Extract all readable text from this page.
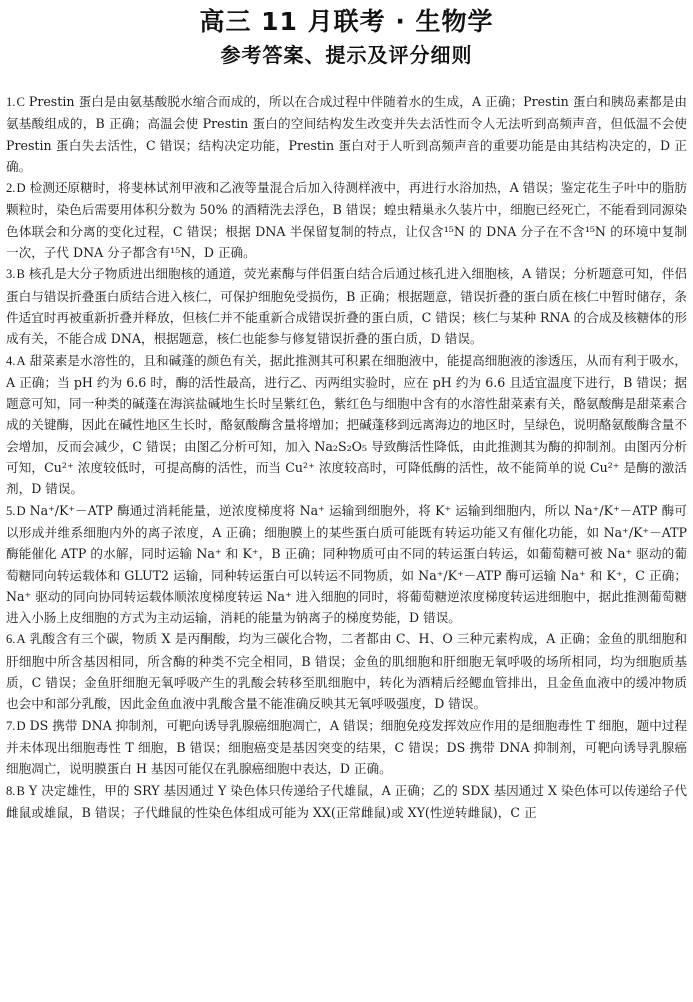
高三 11 月联考 · 生物学
参考答案、提示及评分细则
1.C Prestin 蛋白是由氨基酸脱水缩合而成的，所以在合成过程中伴随着水的生成，A 正确；Prestin 蛋白和胰岛素都是由氨基酸组成的，B 正确；高温会使 Prestin 蛋白的空间结构发生改变并失去活性而令人无法听到高频声音，但低温不会使 Prestin 蛋白失去活性，C 错误；结构决定功能，Prestin 蛋白对于人听到高频声音的重要功能是由其结构决定的，D 正确。
2.D 检测还原糖时，将斐林试剂甲液和乙液等量混合后加入待测样液中，再进行水浴加热，A 错误；鉴定花生子叶中的脂肪颗粒时，染色后需要用体积分数为 50% 的酒精洗去浮色，B 错误；蝗虫精巢永久装片中，细胞已经死亡，不能看到同源染色体联会和分离的变化过程，C 错误；根据 DNA 半保留复制的特点，让仅含¹⁵N 的 DNA 分子在不含¹⁵N 的环境中复制一次，子代 DNA 分子都含有¹⁵N，D 正确。
3.B 核孔是大分子物质进出细胞核的通道，荧光素酶与伴侣蛋白结合后通过核孔进入细胞核，A 错误；分析题意可知，伴侣蛋白与错误折叠蛋白质结合进入核仁，可保护细胞免受损伤，B 正确；根据题意，错误折叠的蛋白质在核仁中暂时储存，条件适宜时再被重新折叠并释放，但核仁并不能重新合成错误折叠的蛋白质，C 错误；核仁与某种 RNA 的合成及核糖体的形成有关，不能合成 DNA，根据题意，核仁也能参与修复错误折叠的蛋白质，D 错误。
4.A 甜菜素是水溶性的，且和碱蓬的颜色有关，据此推测其可积累在细胞液中，能提高细胞液的渗透压，从而有利于吸水，A 正确；当 pH 约为 6.6 时，酶的活性最高，进行乙、丙两组实验时，应在 pH 约为 6.6 且适宜温度下进行，B 错误；据题意可知，同一种类的碱蓬在海滨盐碱地生长时呈紫红色，紫红色与细胞中含有的水溶性甜菜素有关，酪氨酸酶是甜菜素合成的关键酶，因此在碱性地区生长时，酪氨酸酶含量将增加；把碱蓬移到远离海边的地区时，呈绿色，说明酪氨酸酶含量不会增加，反而会减少，C 错误；由图乙分析可知，加入 Na₂S₂O₅ 导致酶活性降低，由此推测其为酶的抑制剂。由图丙分析可知，Cu²⁺ 浓度较低时，可提高酶的活性，而当 Cu²⁺ 浓度较高时，可降低酶的活性，故不能简单的说 Cu²⁺ 是酶的激活剂，D 错误。
5.D Na⁺/K⁺－ATP 酶通过消耗能量，逆浓度梯度将 Na⁺ 运输到细胞外，将 K⁺ 运输到细胞内，所以 Na⁺/K⁺－ATP 酶可以形成并维系细胞内外的离子浓度，A 正确；细胞膜上的某些蛋白质可能既有转运功能又有催化功能，如 Na⁺/K⁺－ATP 酶能催化 ATP 的水解，同时运输 Na⁺ 和 K⁺，B 正确；同种物质可由不同的转运蛋白转运，如葡萄糖可被 Na⁺ 驱动的葡萄糖同向转运载体和 GLUT2 运输，同种转运蛋白可以转运不同物质，如 Na⁺/K⁺－ATP 酶可运输 Na⁺ 和 K⁺，C 正确；Na⁺ 驱动的同向协同转运载体顺浓度梯度转运 Na⁺ 进入细胞的同时，将葡萄糖逆浓度梯度转运进细胞中，据此推测葡萄糖进入小肠上皮细胞的方式为主动运输，消耗的能量为钠离子的梯度势能，D 错误。
6.A 乳酸含有三个碳，物质 X 是丙酮酸，均为三碳化合物，二者都由 C、H、O 三种元素构成，A 正确；金鱼的肌细胞和肝细胞中所含基因相同，所含酶的种类不完全相同，B 错误；金鱼的肌细胞和肝细胞无氧呼吸的场所相同，均为细胞质基质，C 错误；金鱼肝细胞无氧呼吸产生的乳酸会转移至肌细胞中，转化为酒精后经鳃血管排出，且金鱼血液中的缓冲物质也会中和部分乳酸，因此金鱼血液中乳酸含量不能准确反映其无氧呼吸强度，D 错误。
7.D DS 携带 DNA 抑制剂，可靶向诱导乳腺癌细胞凋亡，A 错误；细胞免疫发挥效应作用的是细胞毒性 T 细胞，题中过程并未体现出细胞毒性 T 细胞，B 错误；细胞癌变是基因突变的结果，C 错误；DS 携带 DNA 抑制剂，可靶向诱导乳腺癌细胞凋亡，说明膜蛋白 H 基因可能仅在乳腺癌细胞中表达，D 正确。
8.B Y 决定雄性，甲的 SRY 基因通过 Y 染色体只传递给子代雄鼠，A 正确；乙的 SDX 基因通过 X 染色体可以传递给子代雌鼠或雄鼠，B 错误；子代雌鼠的性染色体组成可能为 XX(正常雌鼠)或 XY(性逆转雌鼠)，C 正
